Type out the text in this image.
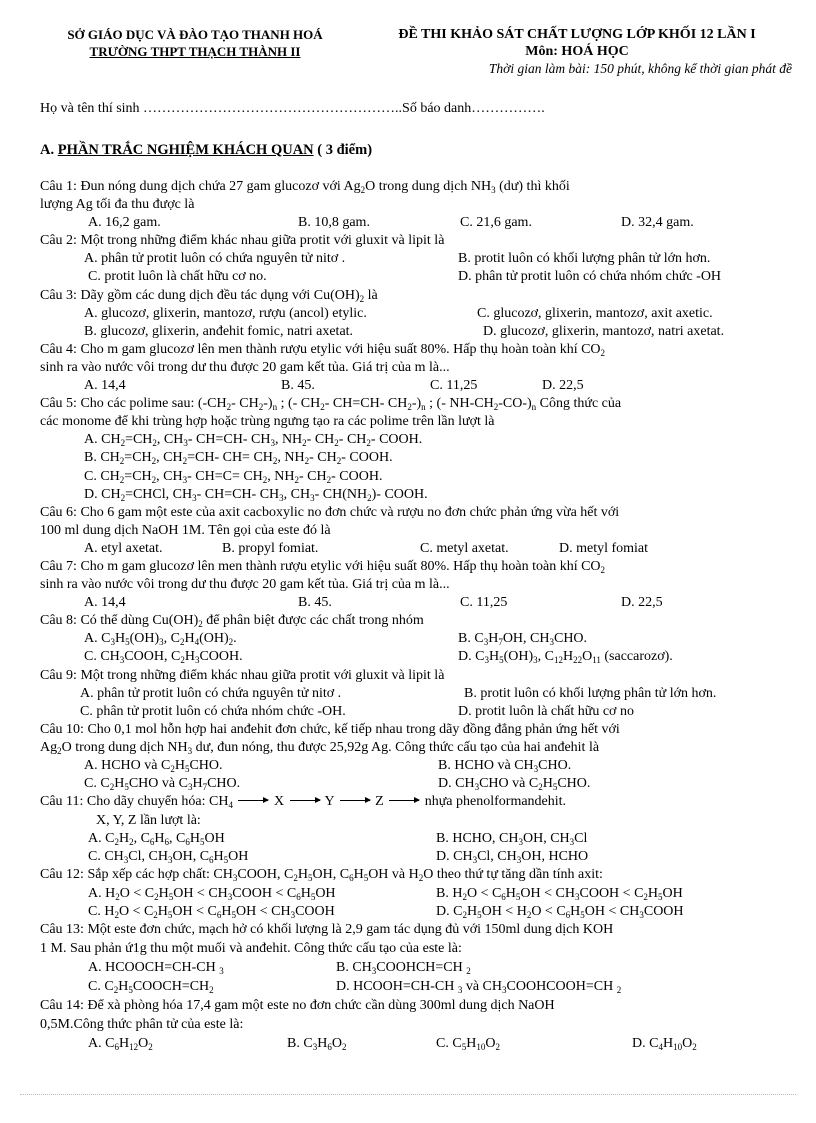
SỞ GIÁO DỤC VÀ ĐÀO TẠO THANH HOÁ
TRƯỜNG THPT THẠCH THÀNH II
ĐỀ THI KHẢO SÁT CHẤT LƯỢNG LỚP KHỐI 12 LẦN I
Môn: HOÁ HỌC
Thời gian làm bài: 150 phút, không kể thời gian phát đề
Họ và tên thí sinh ………………………………………………..Số báo danh…………….
A. PHẦN TRẮC NGHIỆM KHÁCH QUAN ( 3 điểm)
Câu 1: Đun nóng dung dịch chứa 27 gam glucozơ với $Ag_2O$ trong dung dịch $NH_3$ (dư) thì khối
lượng Ag tối đa thu được là
A. 16,2 gam.	B. 10,8 gam.	C. 21,6 gam.	D. 32,4 gam.
Câu 2: Một trong những điểm khác nhau giữa protit với gluxit và lipit là
A. phân tử protit luôn có chứa nguyên tử nitơ .	B. protit luôn có khối lượng phân tử lớn hơn.
C. protit luôn là chất hữu cơ no.	D. phân tử protit luôn có chứa nhóm chức -OH
Câu 3: Dãy gồm các dung dịch đều tác dụng với $Cu(OH)_2$ là
A. glucozơ, glixerin, mantozơ, rượu (ancol) etylic.	C. glucozơ, glixerin, mantozơ, axit axetic.
B. glucozơ, glixerin, anđehit fomic, natri axetat.	D. glucozơ, glixerin, mantozơ, natri axetat.
Câu 4: Cho m gam glucozơ lên men thành rượu etylic với hiệu suất 80%. Hấp thụ hoàn toàn khí $CO_2$
sinh ra vào nước vôi trong dư thu được 20 gam kết tủa. Giá trị của m là...
A. 14,4	B. 45.	C. 11,25	D. 22,5
Câu 5: Cho các polime sau: ($-CH_2-$ $CH_2-)_n$ ; (- $CH_2-$ CH=CH- $CH_2-)_n$ ; (- $NH-CH_2-CO-)_n$ Công thức của
các monome để khi trùng hợp hoặc trùng ngưng tạo ra các polime trên lần lượt là
A. $CH_2=CH_2$, $CH_3-$ CH=CH- $CH_3$, $NH_2-$ $CH_2-$ $CH_2-$ COOH.
B. $CH_2=CH_2$, $CH_2=CH-$ $CH= CH_2$, $NH_2-$ $CH_2-$ COOH.
C. $CH_2=CH_2$, $CH_3-$ $CH=C= CH_2$, $NH_2-$ $CH_2-$ COOH.
D. $CH_2=CHCl$, $CH_3-$ CH=CH- $CH_3$, $CH_3-$ $CH(NH_2)-$ COOH.
Câu 6: Cho 6 gam một este của axit cacboxylic no đơn chức và rượu no đơn chức phản ứng vừa hết với
100 ml dung dịch NaOH 1M. Tên gọi của este đó là
A. etyl axetat.	B. propyl fomiat.	C. metyl axetat.	D. metyl fomiat
Câu 7: Cho m gam glucozơ lên men thành rượu etylic với hiệu suất 80%. Hấp thụ hoàn toàn khí $CO_2$
sinh ra vào nước vôi trong dư thu được 20 gam kết tủa. Giá trị của m là...
A. 14,4	B. 45.	C. 11,25	D. 22,5
Câu 8: Có thể dùng $Cu(OH)_2$ để phân biệt được các chất trong nhóm
A. $C_3H_5(OH)_3$, $C_2H_4(OH)_2$.	B. $C_3H_7OH$, $CH_3CHO$.
C. $CH_3COOH$, $C_2H_3COOH$.	D. $C_3H_5(OH)_3$, $C_{12}H_{22}O_{11}$ (saccarozơ).
Câu 9: Một trong những điểm khác nhau giữa protit với gluxit và lipit là
A. phân tử protit luôn có chứa nguyên tử nitơ .	B. protit luôn có khối lượng phân tử lớn hơn.
C. phân tử protit luôn có chứa nhóm chức -OH.	D. protit luôn là chất hữu cơ no
Câu 10: Cho 0,1 mol hỗn hợp hai anđehit đơn chức, kế tiếp nhau trong dãy đồng đẳng phản ứng hết với
$Ag_2O$ trong dung dịch $NH_3$ dư, đun nóng, thu được 25,92g Ag. Công thức cấu tạo của hai anđehit là
A. HCHO và $C_2H_5CHO$.	B. HCHO và $CH_3CHO$.
C. $C_2H_5CHO$ và $C_3H_7CHO$.	D. $CH_3CHO$ và $C_2H_5CHO$.
Câu 11: Cho dãy chuyển hóa: $CH_4$	X  Y  Z  nhựa phenolformandehit.
X, Y, Z lần lượt là:
A. $C_2H_2$, $C_6H_6$, $C_6H_5OH$	B. HCHO, $CH_3OH$, $CH_3Cl$
C. $CH_3Cl$, $CH_3OH$, $C_6H_5OH$	D. $CH_3Cl$, $CH_3OH$, HCHO
Câu 12: Sắp xếp các hợp chất: $CH_3COOH$, $C_2H_5OH$, $C_6H_5OH$ và $H_2O$ theo thứ tự tăng dần tính axit:
A. $H_2O < C_2H_5OH$ < $CH_3COOH < C_6H_5OH$	B. $H_2O < C_6H_5OH$ < $CH_3COOH < C_2H_5OH$
C. $H_2O < C_2H_5OH < C_6H_5OH$ < $CH_3COOH$	D. $C_2H_5OH < H_2O < C_6H_5OH$ < $CH_3COOH$
Câu 13: Một este đơn chức, mạch hở có khối lượng là 2,9 gam tác dụng đủ với 150ml dung dịch KOH
1 M. Sau phản ứ1g thu một muối và anđehit. Công thức cấu tạo của este là:
A. HCOOCH=CH-CH $_3$	B. $CH_3COOHCH=CH$ $_2$
C. $C_2H_5COOCH=CH_2$	D. HCOOH=CH-CH $_3$ và $CH_3COOHCOOH=CH$ $_2$
Câu 14: Để xà phòng hóa 17,4 gam một este no đơn chức cần dùng 300ml dung dịch NaOH
0,5M.Công thức phân tử của este là:
A. $C_6H_{12}O_2$	B. $C_3H_6O_2$	C. $C_5H_{10}O_2$	D. $C_4H_{10}O_2$
